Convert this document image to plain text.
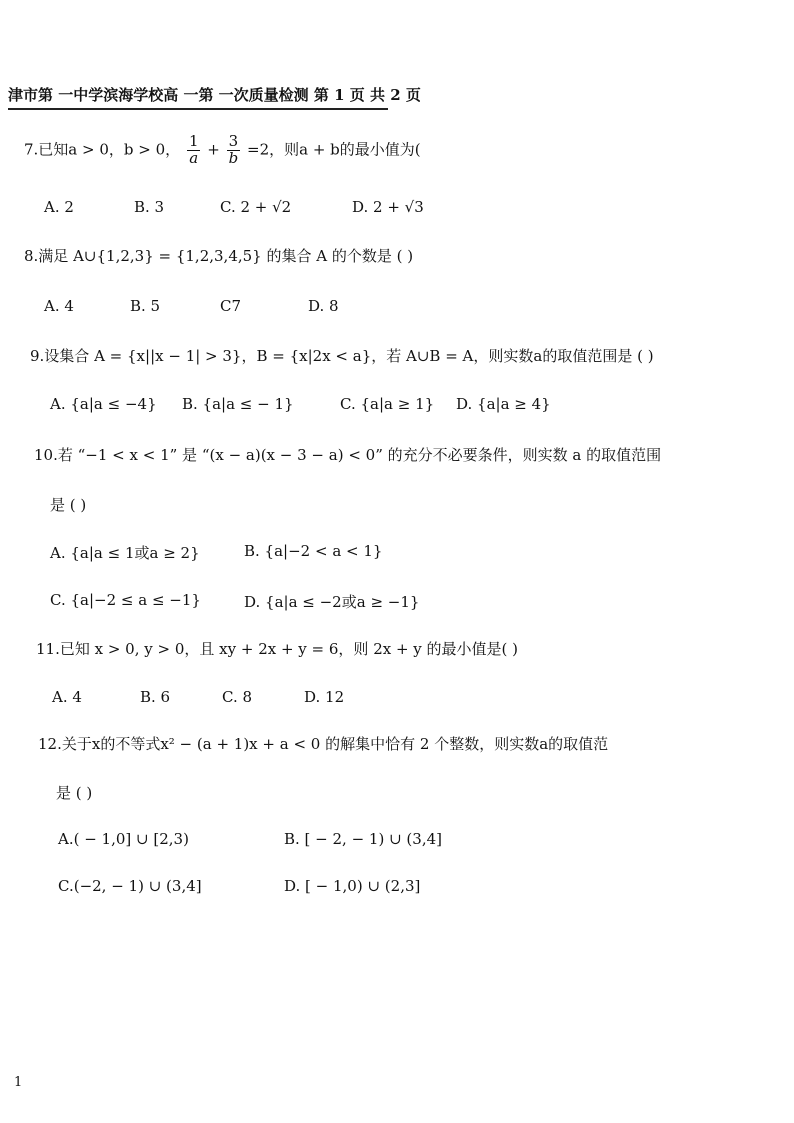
津市第 一中学滨海学校高 一第 一次质量检测 第 1 页 共 2 页
7.已知a > 0，b > 0， $\frac{1}{a} + \frac{3}{b} =2$，则a + b的最小值为(
A. 2	B. 3	C. 2 + √2	D. 2 + √3
8.满足 A∪{1,2,3} = {1,2,3,4,5} 的集合 A 的个数是 ( )
A. 4	B. 5	C7	D. 8
9.设集合 A = {x||x − 1| > 3}，B = {x|2x < a}，若 A∪B = A，则实数a的取值范围是 ( )
A. {a|a ≤ −4} B. {a|a ≤ − 1}	C. {a|a ≥ 1} D. {a|a ≥ 4}
10.若 “−1 < x < 1” 是 “(x − a)(x − 3 − a) < 0” 的充分不必要条件，则实数 a 的取值范围
是 ( )
A. {a|a ≤ 1或a ≥ 2}	B. {a|−2 < a < 1}
C. {a|−2 ≤ a ≤ −1}	D. {a|a ≤ −2或a ≥ −1}
11.已知 x > 0, y > 0，且 xy + 2x + y = 6，则 2x + y 的最小值是( )
A. 4	B. 6	C. 8	D. 12
12.关于x的不等式x² − (a + 1)x + a < 0 的解集中恰有 2 个整数，则实数a的取值范
是 ( )
A.( − 1,0] ∪ [2,3)	B. [ − 2, − 1) ∪ (3,4]
C.(−2, − 1) ∪ (3,4]	D. [ − 1,0) ∪ (2,3]
1
